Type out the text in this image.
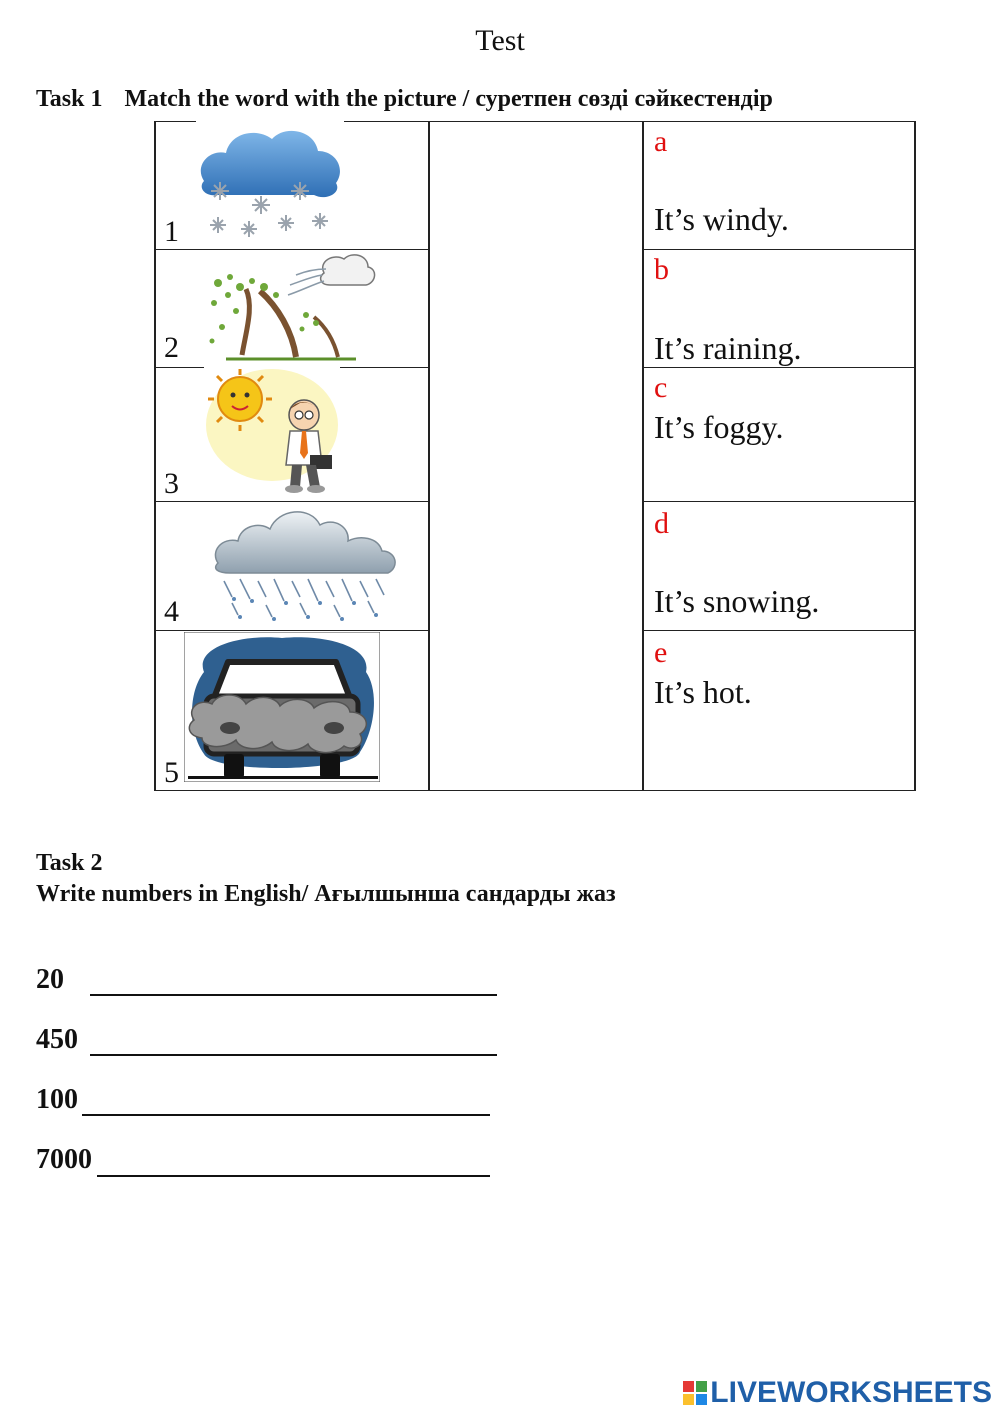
Test
Task 1 Match the word with the picture / суретпен сөзді сәйкестендір
1
2
3
4
5
a
It’s windy.
b
It’s raining.
c
It’s foggy.
d
It’s snowing.
e
It’s hot.
Task 2
Write numbers in English/ Ағылшынша сандарды жаз
20
450
100
7000
LIVEWORKSHEETS
